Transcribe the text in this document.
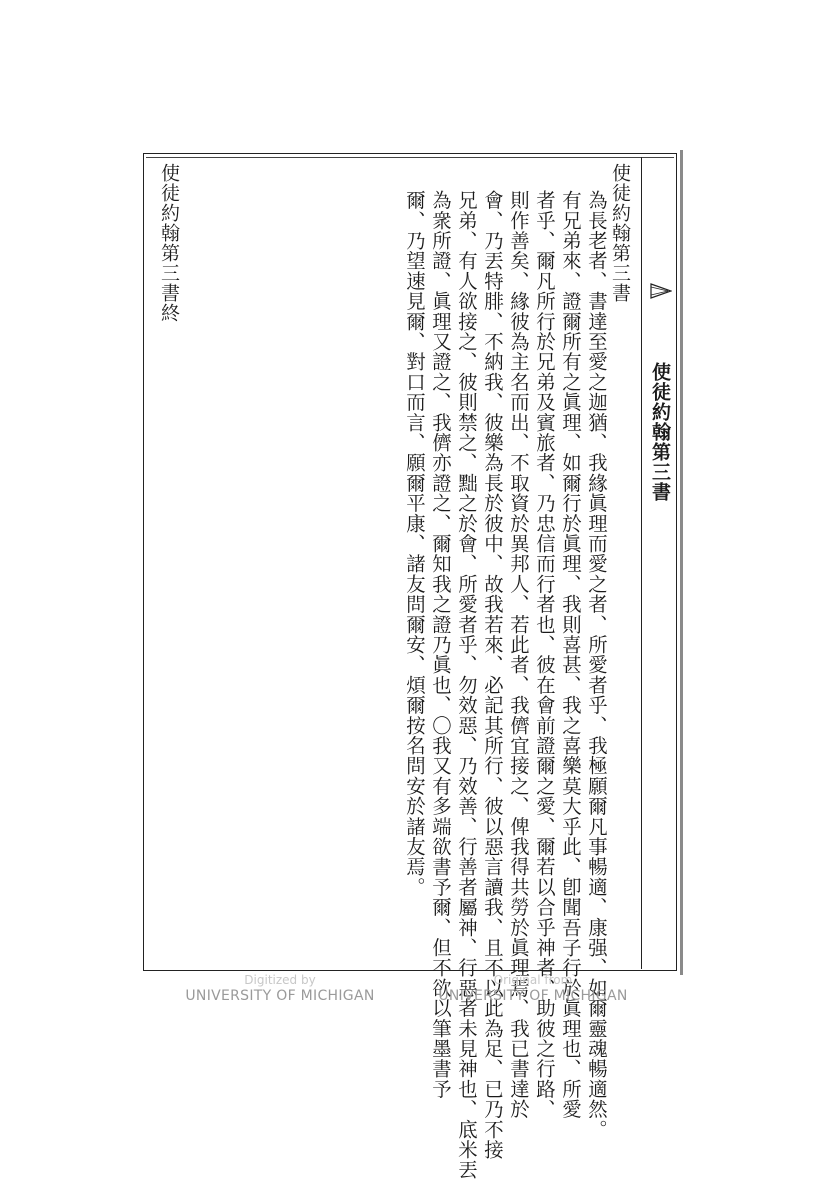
使徒約翰第三書
使徒約翰第三書
為長老者、書達至愛之迦猶、我緣眞理而愛之者、所愛者乎、我極願爾凡事暢適、康强、如爾靈魂暢適然。
有兄弟來、證爾所有之眞理、如爾行於眞理、我則喜甚、我之喜樂莫大乎此、卽聞吾子行於眞理也、所愛
者乎、爾凡所行於兄弟及賓旅者、乃忠信而行者也、彼在會前證爾之愛、爾若以合乎神者、助彼之行路、
則作善矣、緣彼為主名而出、不取資於異邦人、若此者、我儕宜接之、俾我得共勞於眞理焉、我已書達於
會、乃丟特腓、不納我、彼樂為長於彼中、故我若來、必記其所行、彼以惡言讀我、且不以此為足、已乃不接
兄弟、有人欲接之、彼則禁之、黜之於會、所愛者乎、勿效惡、乃效善、行善者屬神、行惡者未見神也、底米丟
為衆所證、眞理又證之、我儕亦證之、爾知我之證乃眞也、〇我又有多端欲書予爾、但不欲以筆墨書予
爾、乃望速見爾、對口而言、願爾平康、諸友問爾安、煩爾按名問安於諸友焉。
使徒約翰第三書終
Digitized by
UNIVERSITY OF MICHIGAN
Original from
UNIVERSITY OF MICHIGAN
